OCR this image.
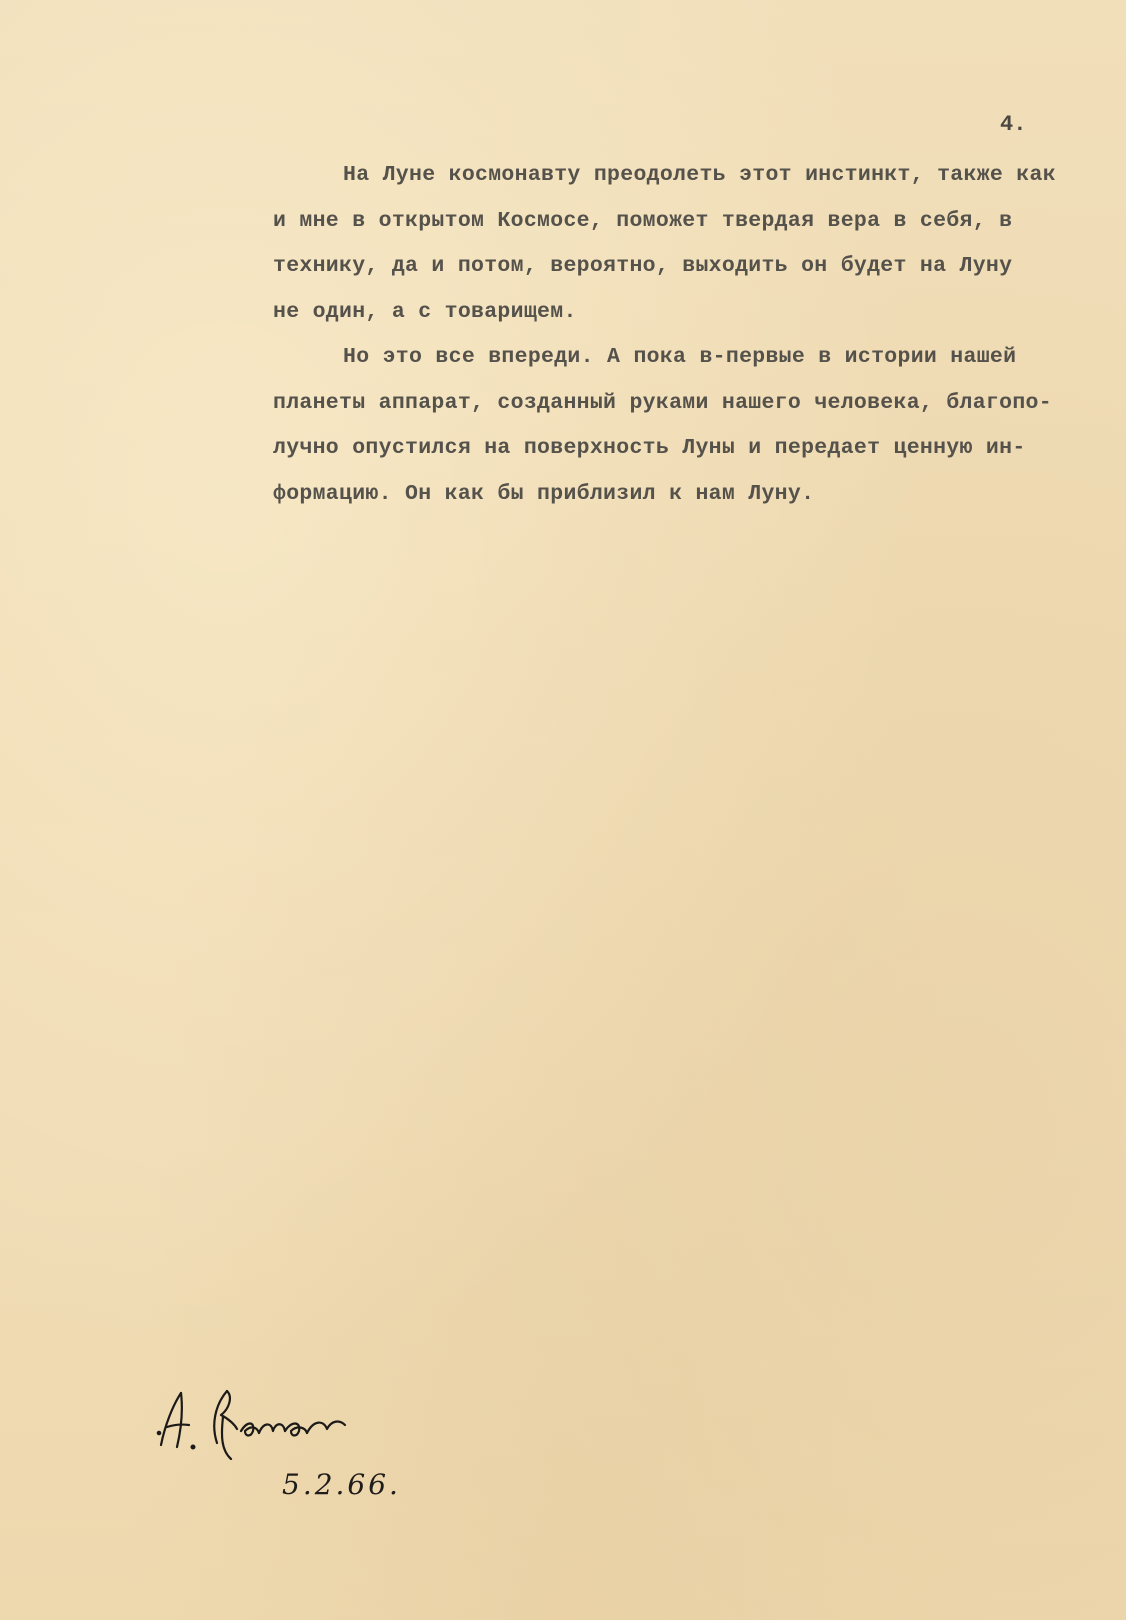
4.
На Луне космонавту преодолеть этот инстинкт, также как
и мне в открытом Космосе, поможет твердая вера в себя, в
технику, да и потом, вероятно, выходить он будет на Луну
не один, а с товарищем.
Но это все впереди. А пока в-первые в истории нашей
планеты аппарат, созданный руками нашего человека, благопо-
лучно опустился на поверхность Луны и передает ценную ин-
формацию. Он как бы приблизил к нам Луну.
5.2.66.
